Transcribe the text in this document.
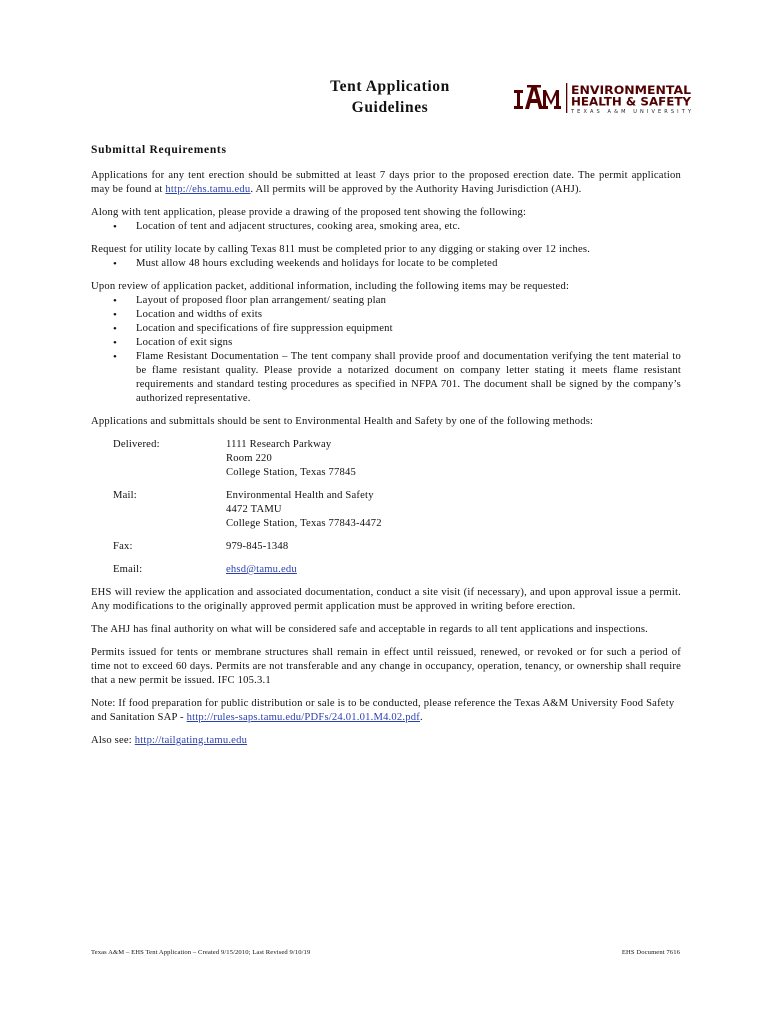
Tent Application
Guidelines
ENVIRONMENTAL
HEALTH & SAFETY
TEXAS A&M UNIVERSITY
Submittal Requirements

Applications for any tent erection should be submitted at least 7 days prior to the proposed erection date. The permit application may be found at http://ehs.tamu.edu. All permits will be approved by the Authority Having Jurisdiction (AHJ).

Along with tent application, please provide a drawing of the proposed tent showing the following:

• Location of tent and adjacent structures, cooking area, smoking area, etc.

Request for utility locate by calling Texas 811 must be completed prior to any digging or staking over 12 inches.

• Must allow 48 hours excluding weekends and holidays for locate to be completed

Upon review of application packet, additional information, including the following items may be requested:

• Layout of proposed floor plan arrangement/ seating plan
• Location and widths of exits
• Location and specifications of fire suppression equipment
• Location of exit signs
• Flame Resistant Documentation – The tent company shall provide proof and documentation verifying the tent material to be flame resistant quality. Please provide a notarized document on company letter stating it meets flame resistant requirements and standard testing procedures as specified in NFPA 701. The document shall be signed by the company’s authorized representative.

Applications and submittals should be sent to Environmental Health and Safety by one of the following methods:

Delivered:	1111 Research Parkway
Room 220
College Station, Texas 77845
Mail:	Environmental Health and Safety
4472 TAMU
College Station, Texas 77843-4472
Fax:	979-845-1348
Email:	ehsd@tamu.edu

EHS will review the application and associated documentation, conduct a site visit (if necessary), and upon approval issue a permit. Any modifications to the originally approved permit application must be approved in writing before erection.

The AHJ has final authority on what will be considered safe and acceptable in regards to all tent applications and inspections.

Permits issued for tents or membrane structures shall remain in effect until reissued, renewed, or revoked or for such a period of time not to exceed 60 days. Permits are not transferable and any change in occupancy, operation, tenancy, or ownership shall require that a new permit be issued. IFC 105.3.1

Note: If food preparation for public distribution or sale is to be conducted, please reference the Texas A&M University Food Safety and Sanitation SAP - http://rules-saps.tamu.edu/PDFs/24.01.01.M4.02.pdf.

Also see: http://tailgating.tamu.edu

Texas A&M – EHS Tent Application – Created 9/15/2010; Last Revised 9/10/19	EHS Document 7616
